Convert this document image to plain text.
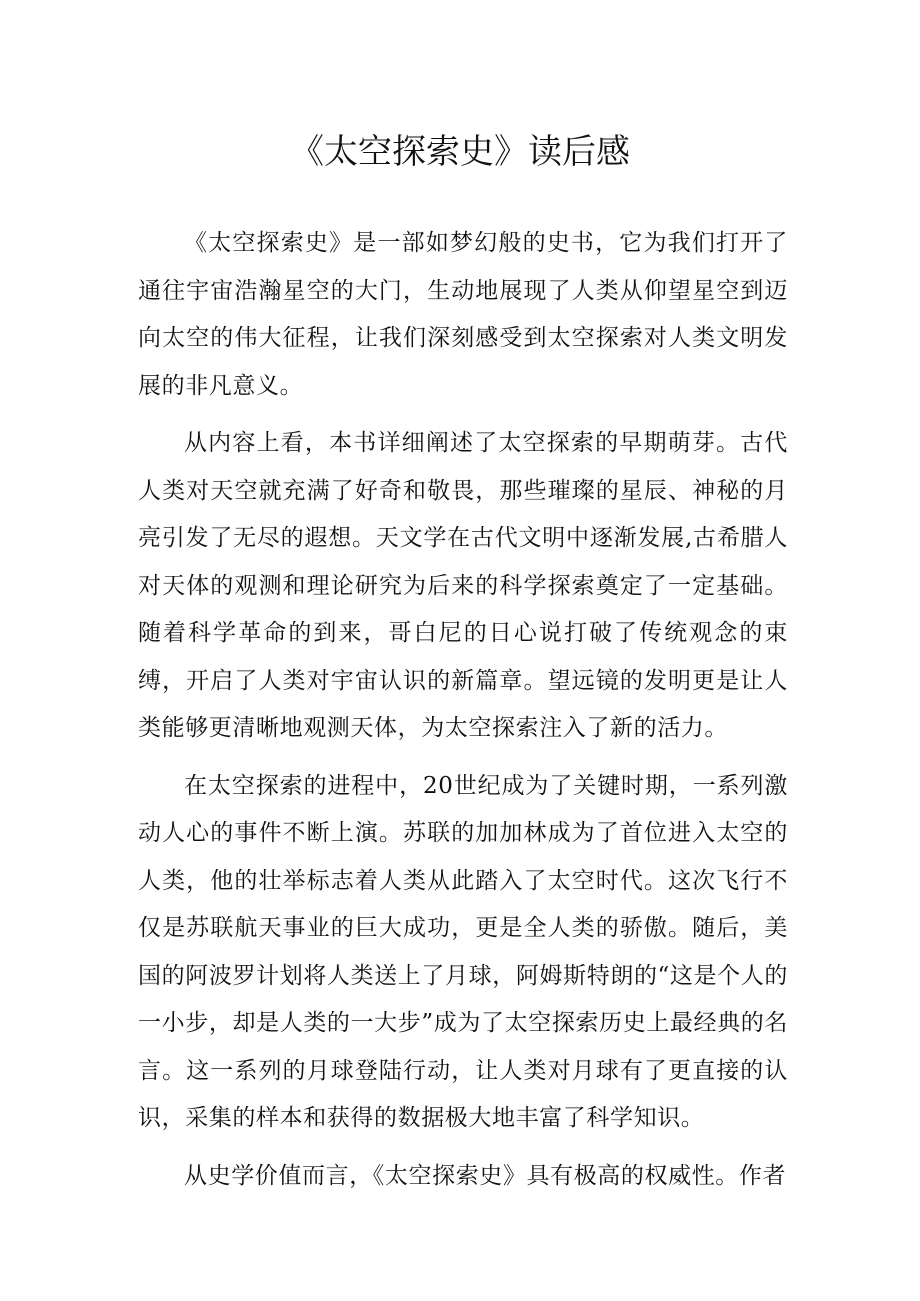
《太空探索史》读后感

《太空探索史》是一部如梦幻般的史书，它为我们打开了通往宇宙浩瀚星空的大门，生动地展现了人类从仰望星空到迈向太空的伟大征程，让我们深刻感受到太空探索对人类文明发展的非凡意义。

从内容上看，本书详细阐述了太空探索的早期萌芽。古代人类对天空就充满了好奇和敬畏，那些璀璨的星辰、神秘的月亮引发了无尽的遐想。天文学在古代文明中逐渐发展,古希腊人对天体的观测和理论研究为后来的科学探索奠定了一定基础。随着科学革命的到来，哥白尼的日心说打破了传统观念的束缚，开启了人类对宇宙认识的新篇章。望远镜的发明更是让人类能够更清晰地观测天体，为太空探索注入了新的活力。

在太空探索的进程中，20世纪成为了关键时期，一系列激动人心的事件不断上演。苏联的加加林成为了首位进入太空的人类，他的壮举标志着人类从此踏入了太空时代。这次飞行不仅是苏联航天事业的巨大成功，更是全人类的骄傲。随后，美国的阿波罗计划将人类送上了月球，阿姆斯特朗的“这是个人的一小步，却是人类的一大步”成为了太空探索历史上最经典的名言。这一系列的月球登陆行动，让人类对月球有了更直接的认识，采集的样本和获得的数据极大地丰富了科学知识。

从史学价值而言，《太空探索史》具有极高的权威性。作者
